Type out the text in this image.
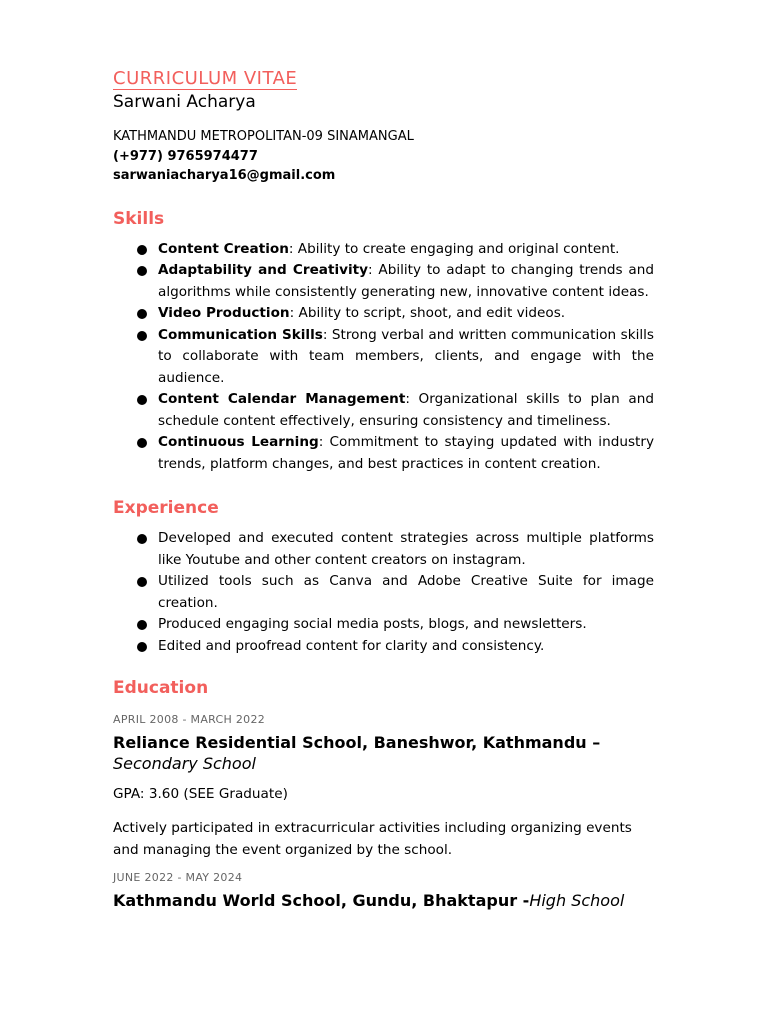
CURRICULUM VITAE
Sarwani Acharya
KATHMANDU METROPOLITAN-09 SINAMANGAL
(+977) 9765974477
sarwaniacharya16@gmail.com
Skills
Content Creation: Ability to create engaging and original content.
Adaptability and Creativity: Ability to adapt to changing trends and algorithms while consistently generating new, innovative content ideas.
Video Production: Ability to script, shoot, and edit videos.
Communication Skills: Strong verbal and written communication skills to collaborate with team members, clients, and engage with the audience.
Content Calendar Management: Organizational skills to plan and schedule content effectively, ensuring consistency and timeliness.
Continuous Learning: Commitment to staying updated with industry trends, platform changes, and best practices in content creation.
Experience
Developed and executed content strategies across multiple platforms like Youtube and other content creators on instagram.
Utilized tools such as Canva and Adobe Creative Suite for image creation.
Produced engaging social media posts, blogs, and newsletters.
Edited and proofread content for clarity and consistency.
Education
APRIL 2008 - MARCH 2022
Reliance Residential School, Baneshwor, Kathmandu – Secondary School
GPA: 3.60 (SEE Graduate)
Actively participated in extracurricular activities including organizing events and managing the event organized by the school.
JUNE 2022 - MAY 2024
Kathmandu World School, Gundu, Bhaktapur -High School
